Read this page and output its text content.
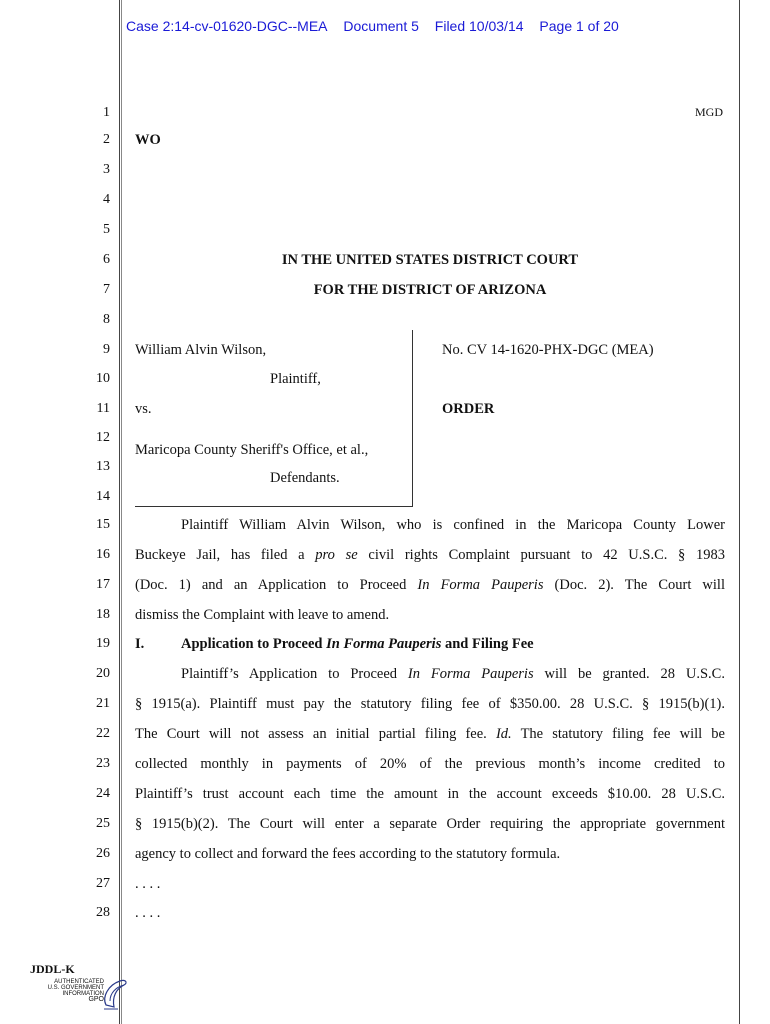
Case 2:14-cv-01620-DGC--MEA Document 5 Filed 10/03/14 Page 1 of 20
1
2
3
4
5
6
7
8
9
10
11
12
13
14
15
16
17
18
19
20
21
22
23
24
25
26
27
28
MGD
WO
IN THE UNITED STATES DISTRICT COURT
FOR THE DISTRICT OF ARIZONA
William Alvin Wilson,
Plaintiff,
vs.
Maricopa County Sheriff's Office, et al.,
Defendants.
No. CV 14-1620-PHX-DGC (MEA)
ORDER
Plaintiff William Alvin Wilson, who is confined in the Maricopa County Lower
Buckeye Jail, has filed a pro se civil rights Complaint pursuant to 42 U.S.C. § 1983
(Doc. 1) and an Application to Proceed In Forma Pauperis (Doc. 2). The Court will
dismiss the Complaint with leave to amend.
I.	Application to Proceed In Forma Pauperis and Filing Fee
Plaintiff’s Application to Proceed In Forma Pauperis will be granted. 28 U.S.C.
§ 1915(a). Plaintiff must pay the statutory filing fee of $350.00. 28 U.S.C. § 1915(b)(1).
The Court will not assess an initial partial filing fee. Id. The statutory filing fee will be
collected monthly in payments of 20% of the previous month’s income credited to
Plaintiff’s trust account each time the amount in the account exceeds $10.00. 28 U.S.C.
§ 1915(b)(2). The Court will enter a separate Order requiring the appropriate government
agency to collect and forward the fees according to the statutory formula.
. . . .
. . . .
JDDL-K
AUTHENTICATED
U.S. GOVERNMENT
INFORMATION
GPO
